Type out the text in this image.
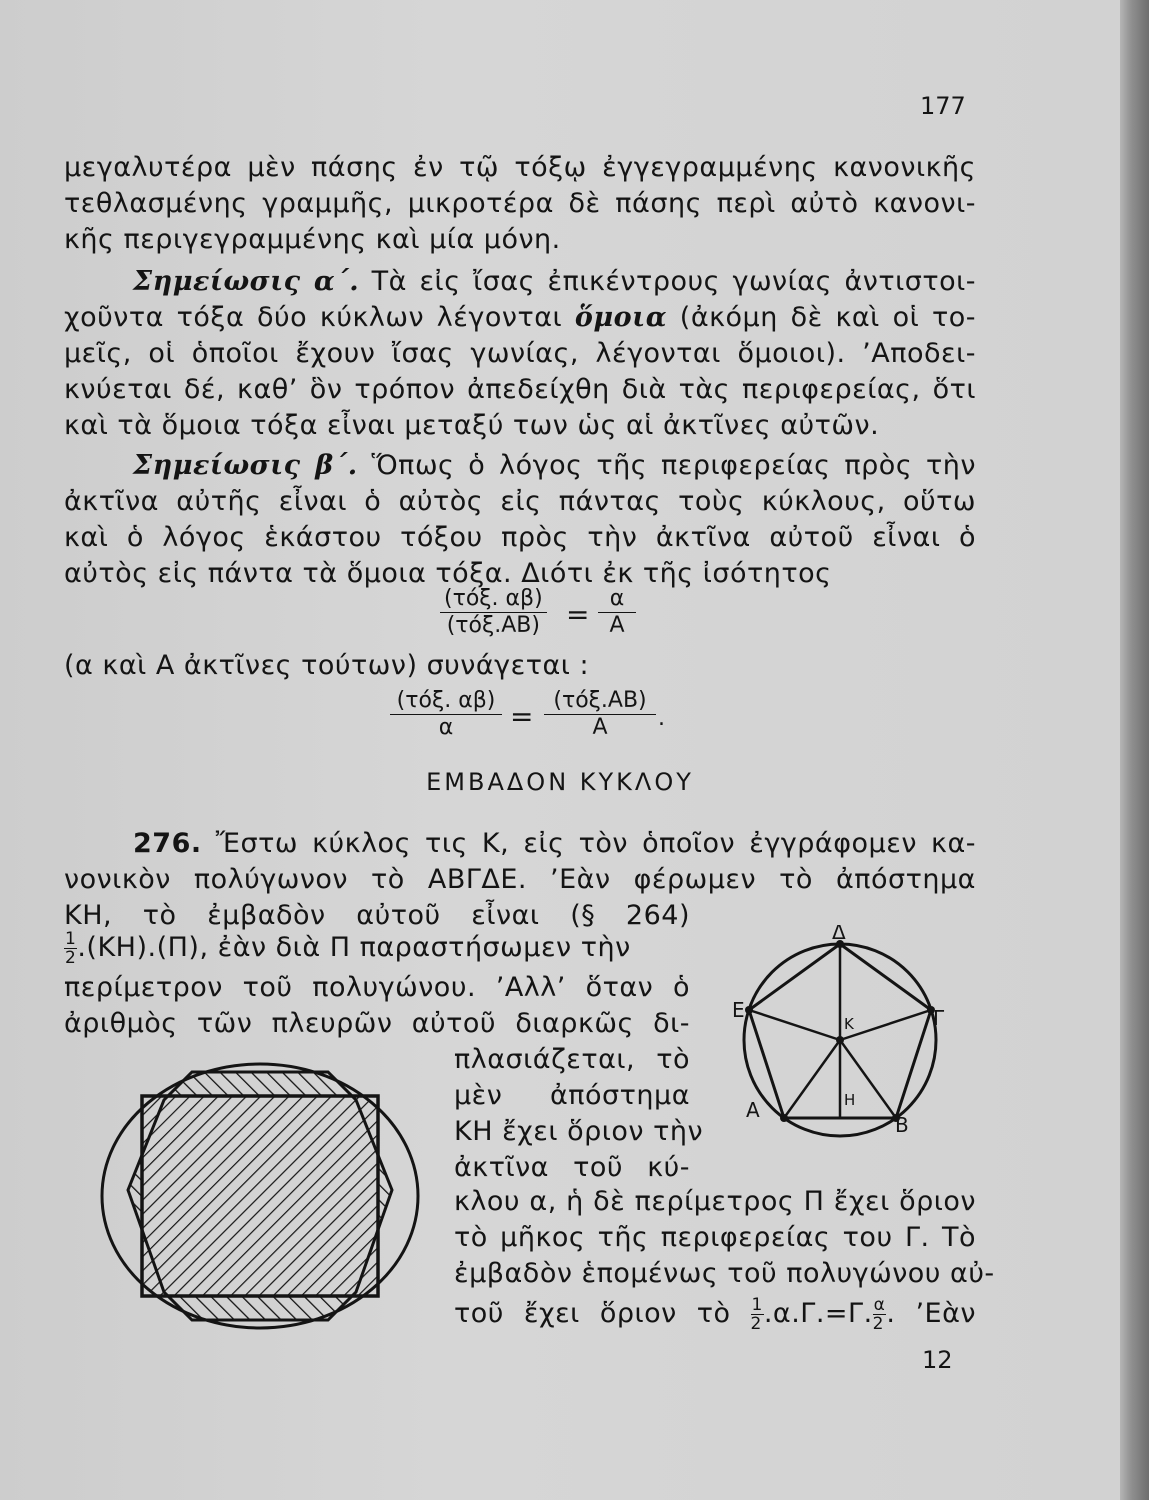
177
μεγαλυτέρα μὲν πάσης ἐν τῷ τόξῳ ἐγγεγραμμένης κανονικῆς
τεθλασμένης γραμμῆς, μικροτέρα δὲ πάσης περὶ αὐτὸ κανονι-
κῆς περιγεγραμμένης καὶ μία μόνη.
Σημείωσις α΄. Τὰ εἰς ἴσας ἐπικέντρους γωνίας ἀντιστοι-
χοῦντα τόξα δύο κύκλων λέγονται ὅμοια (ἀκόμη δὲ καὶ οἱ το-
μεῖς, οἱ ὁποῖοι ἔχουν ἴσας γωνίας, λέγονται ὅμοιοι). ’Αποδει-
κνύεται δέ, καθ’ ὃν τρόπον ἀπεδείχθη διὰ τὰς περιφερείας, ὅτι
καὶ τὰ ὅμοια τόξα εἶναι μεταξύ των ὡς αἱ ἀκτῖνες αὐτῶν.
Σημείωσις β΄. Ὅπως ὁ λόγος τῆς περιφερείας πρὸς τὴν
ἀκτῖνα αὐτῆς εἶναι ὁ αὐτὸς εἰς πάντας τοὺς κύκλους, οὕτω
καὶ ὁ λόγος ἑκάστου τόξου πρὸς τὴν ἀκτῖνα αὐτοῦ εἶναι ὁ
αὐτὸς εἰς πάντα τὰ ὅμοια τόξα. Διότι ἐκ τῆς ἰσότητος
(τόξ. αβ)
$(\tau ό\xi.AB) = \frac{\alpha}{A}$
(α καὶ Α ἀκτῖνες τούτων) συνάγεται :
(τόξ. αβ)
α	= (τόξ.ΑΒ)
Α	.
ΕΜΒΑΔΟΝ ΚΥΚΛΟΥ
276. Ἔστω κύκλος τις Κ, εἰς τὸν ὁποῖον ἐγγράφομεν κα-
νονικὸν πολύγωνον τὸ ΑΒΓΔΕ. ’Εὰν φέρωμεν τὸ ἀπόστημα
ΚΗ, τὸ ἐμβαδὸν αὐτοῦ εἶναι (§ 264)
$\frac{1}{2} .(KH).(\Pi)$, ἐὰν διὰ Π παραστήσωμεν τὴν
περίμετρον τοῦ πολυγώνου. ’Αλλ’ ὅταν ὁ
ἀριθμὸς τῶν πλευρῶν αὐτοῦ διαρκῶς δι-
πλασιάζεται, τὸ
μὲν ἀπόστημα
ΚΗ ἔχει ὅριον τὴν
ἀκτῖνα τοῦ κύ-
κλου α, ἡ δὲ περίμετρος Π ἔχει ὅριον
τὸ μῆκος τῆς περιφερείας του Γ. Τὸ
ἐμβαδὸν ἑπομένως τοῦ πολυγώνου αὐ-
τοῦ ἔχει ὅριον τὸ $\frac{1}{2} .\alpha.\Gamma.=\Gamma$. $\frac{\alpha}{2}$ . ’Εὰν
12
Δ
Ε	Γ
Κ
Η
Α
Β
